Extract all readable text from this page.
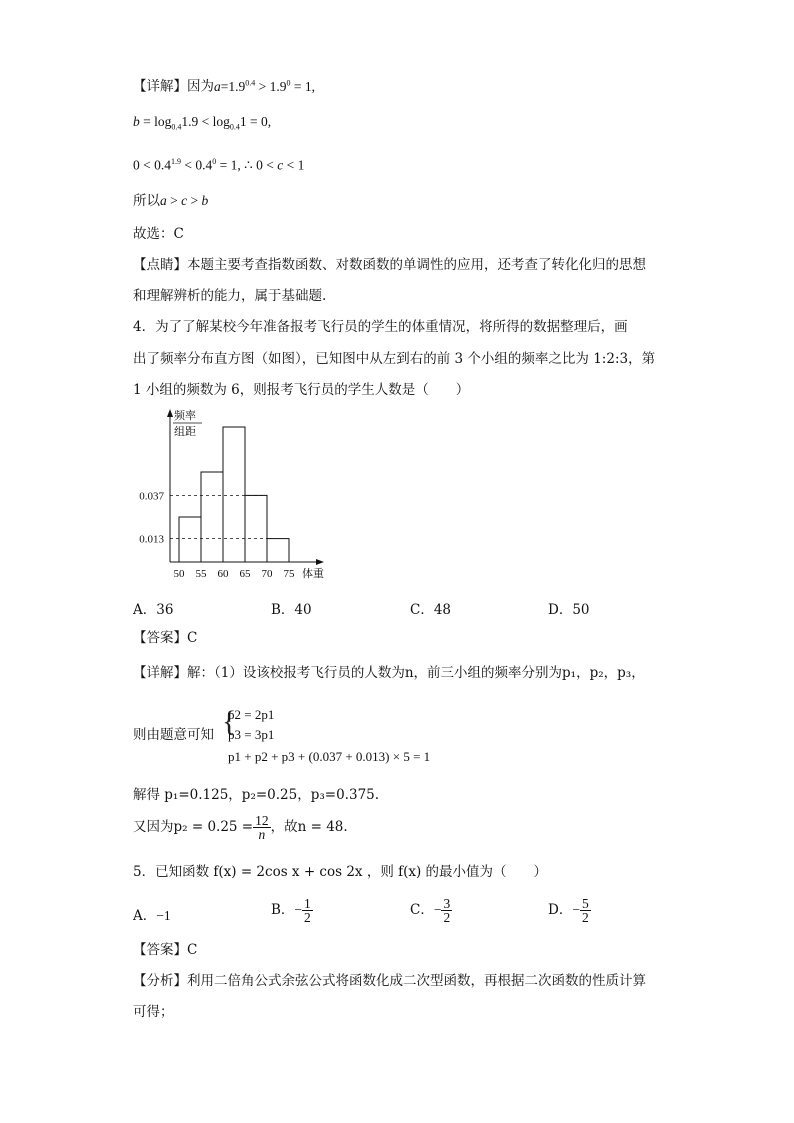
【详解】因为$a=1.9^{0.4} > 1.9^0 = 1$,
$b = \log_{0.4}1.9 < \log_{0.4}1 = 0$,
$0 < 0.4^{1.9} < 0.4^0 = 1$, ∴ 0 < c < 1
所以a > c > b
故选：C
【点睛】本题主要考查指数函数、对数函数的单调性的应用，还考查了转化化归的思想
和理解辨析的能力，属于基础题.
4．为了了解某校今年准备报考飞行员的学生的体重情况，将所得的数据整理后，画
出了频率分布直方图（如图），已知图中从左到右的前 3 个小组的频率之比为 1:2:3，第
1 小组的频数为 6，则报考飞行员的学生人数是（　　）
0.037
0.013
50 55 60 65 70 75 体重
频率
组距
A．36	B．40	C．48	D．50
【答案】C
【详解】解：（1）设该校报考飞行员的人数为n，前三小组的频率分别为p₁，p₂，p₃，
则由题意可知 {
p2 = 2p1
p3 = 3p1
p1 + p2 + p3 + (0.037 + 0.013) × 5 = 1
解得 p₁=0.125，p₂=0.25，p₃=0.375.
又因为$p_2 = 0.25 = \frac{12}{n}$ ，故n = 48.
5．已知函数 f(x) = 2cos x + cos 2x ，则 f(x) 的最小值为（　　）
A．−1	B．− $\frac{1}{2}$	C．− $\frac{3}{2}$	D．− $\frac{5}{2}$
【答案】C
【分析】利用二倍角公式余弦公式将函数化成二次型函数，再根据二次函数的性质计算
可得；
